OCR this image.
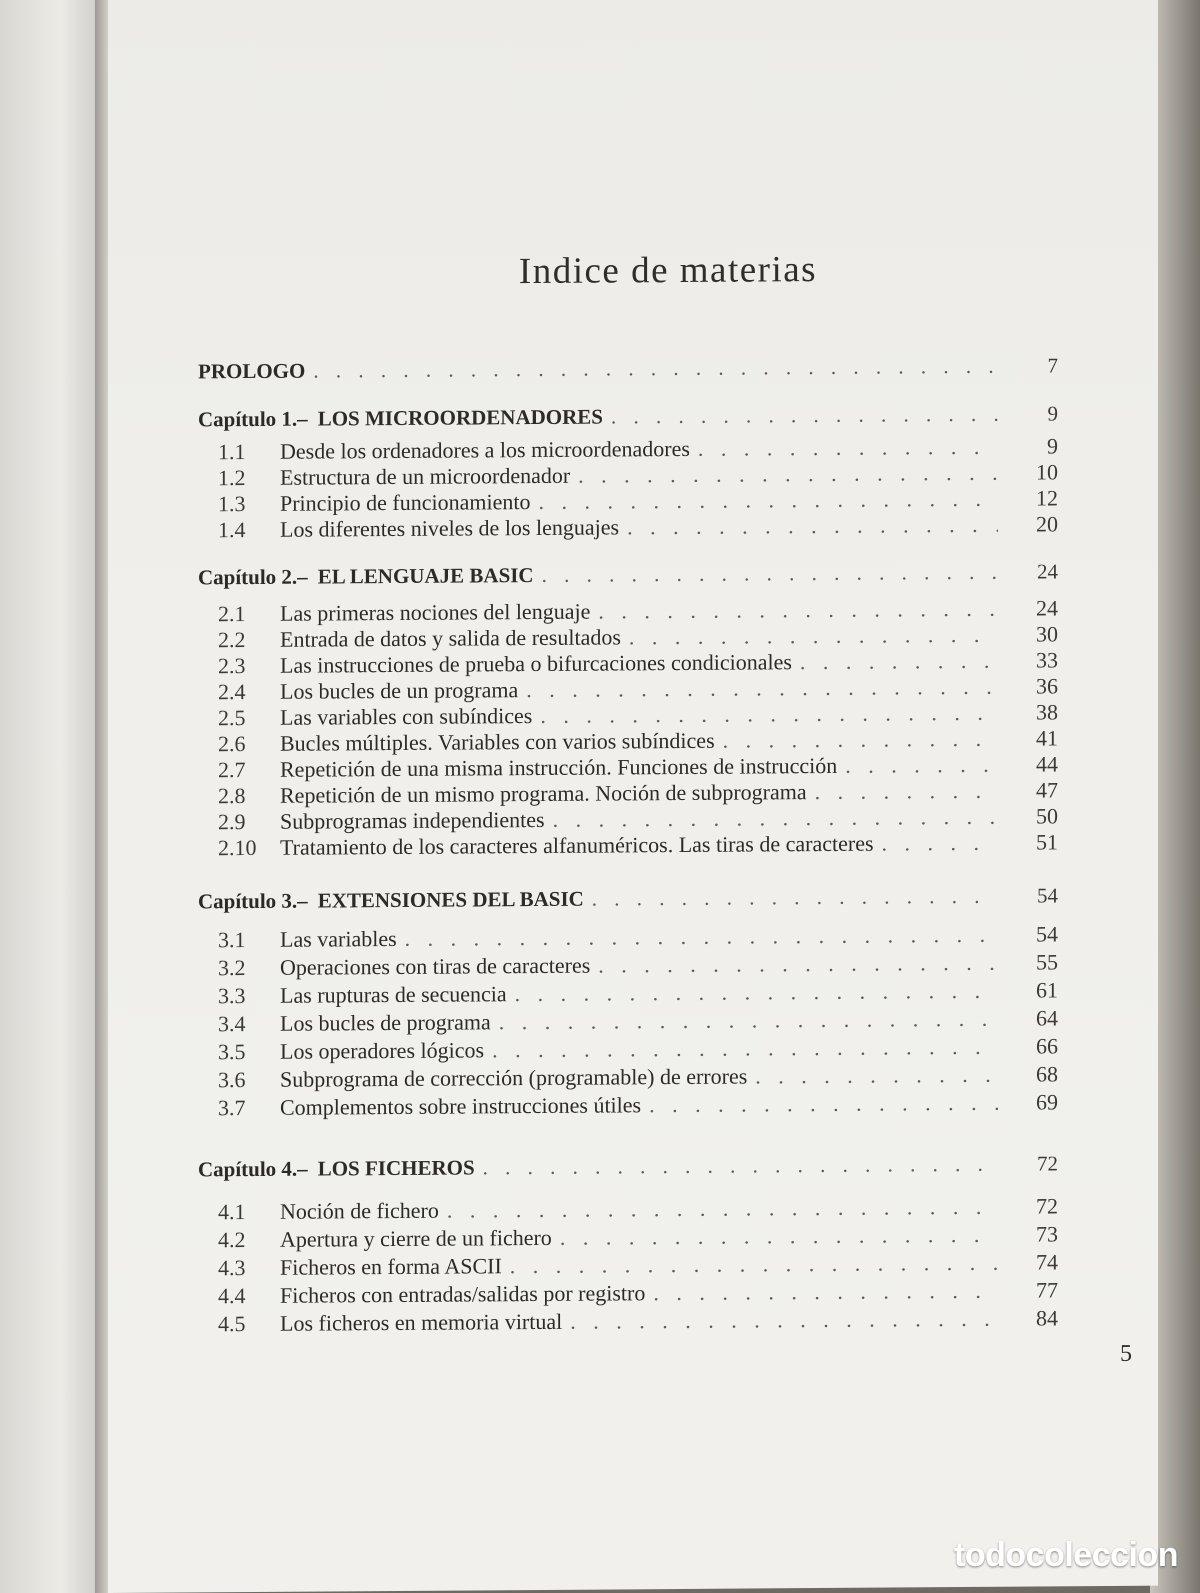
Indice de materias
PROLOGO . . .	7
Capítulo 1.– LOS MICROORDENADORES . . .	9
1.1	Desde los ordenadores a los microordenadores . . .	9
1.2	Estructura de un microordenador . . .	10
1.3	Principio de funcionamiento . . .	12
1.4	Los diferentes niveles de los lenguajes . . .	20
Capítulo 2.– EL LENGUAJE BASIC . . .	24
2.1	Las primeras nociones del lenguaje . . .	24
2.2	Entrada de datos y salida de resultados . . .	30
2.3	Las instrucciones de prueba o bifurcaciones condicionales . . .	33
2.4	Los bucles de un programa . . .	36
2.5	Las variables con subíndices . . .	38
2.6	Bucles múltiples. Variables con varios subíndices . . .	41
2.7	Repetición de una misma instrucción. Funciones de instrucción . . .	44
2.8	Repetición de un mismo programa. Noción de subprograma . . .	47
2.9	Subprogramas independientes . . .	50
2.10	Tratamiento de los caracteres alfanuméricos. Las tiras de caracteres . . .	51
Capítulo 3.– EXTENSIONES DEL BASIC . . .	54
3.1	Las variables . . .	54
3.2	Operaciones con tiras de caracteres . . .	55
3.3	Las rupturas de secuencia . . .	61
3.4	Los bucles de programa . . .	64
3.5	Los operadores lógicos . . .	66
3.6	Subprograma de corrección (programable) de errores . . .	68
3.7	Complementos sobre instrucciones útiles . . .	69
Capítulo 4.– LOS FICHEROS . . .	72
4.1	Noción de fichero . . .	72
4.2	Apertura y cierre de un fichero . . .	73
4.3	Ficheros en forma ASCII . . .	74
4.4	Ficheros con entradas/salidas por registro . . .	77
4.5	Los ficheros en memoria virtual . . .	84
5
todocoleccion
